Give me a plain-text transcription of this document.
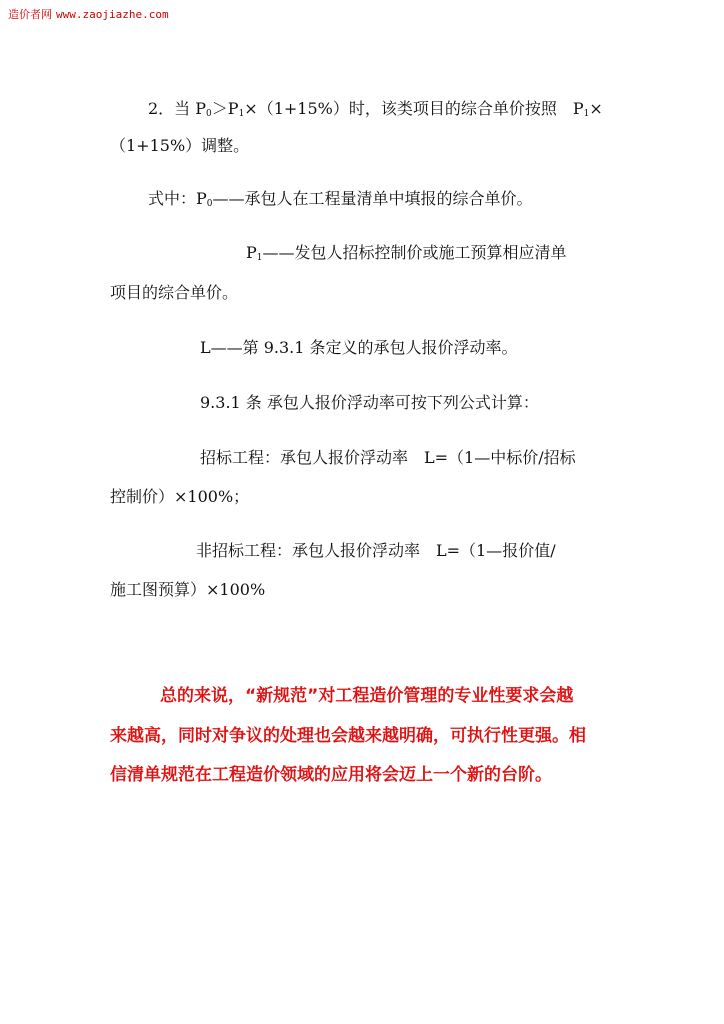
造价者网 www.zaojiazhe.com
2．当 $P_0>P_1\times(1+15\%)$时，该类项目的综合单价按照　$P_1\times$
（1+15%）调整。
式中：$P_0——$承包人在工程量清单中填报的综合单价。
$P_1——$发包人招标控制价或施工预算相应清单
项目的综合单价。
L——第 9.3.1 条定义的承包人报价浮动率。
9.3.1 条 承包人报价浮动率可按下列公式计算：
招标工程：承包人报价浮动率　L=（1—中标价/招标
控制价）×100%；
非招标工程：承包人报价浮动率　L=（1—报价值/
施工图预算）×100%
总的来说，“新规范”对工程造价管理的专业性要求会越
来越高，同时对争议的处理也会越来越明确，可执行性更强。相
信清单规范在工程造价领域的应用将会迈上一个新的台阶。
